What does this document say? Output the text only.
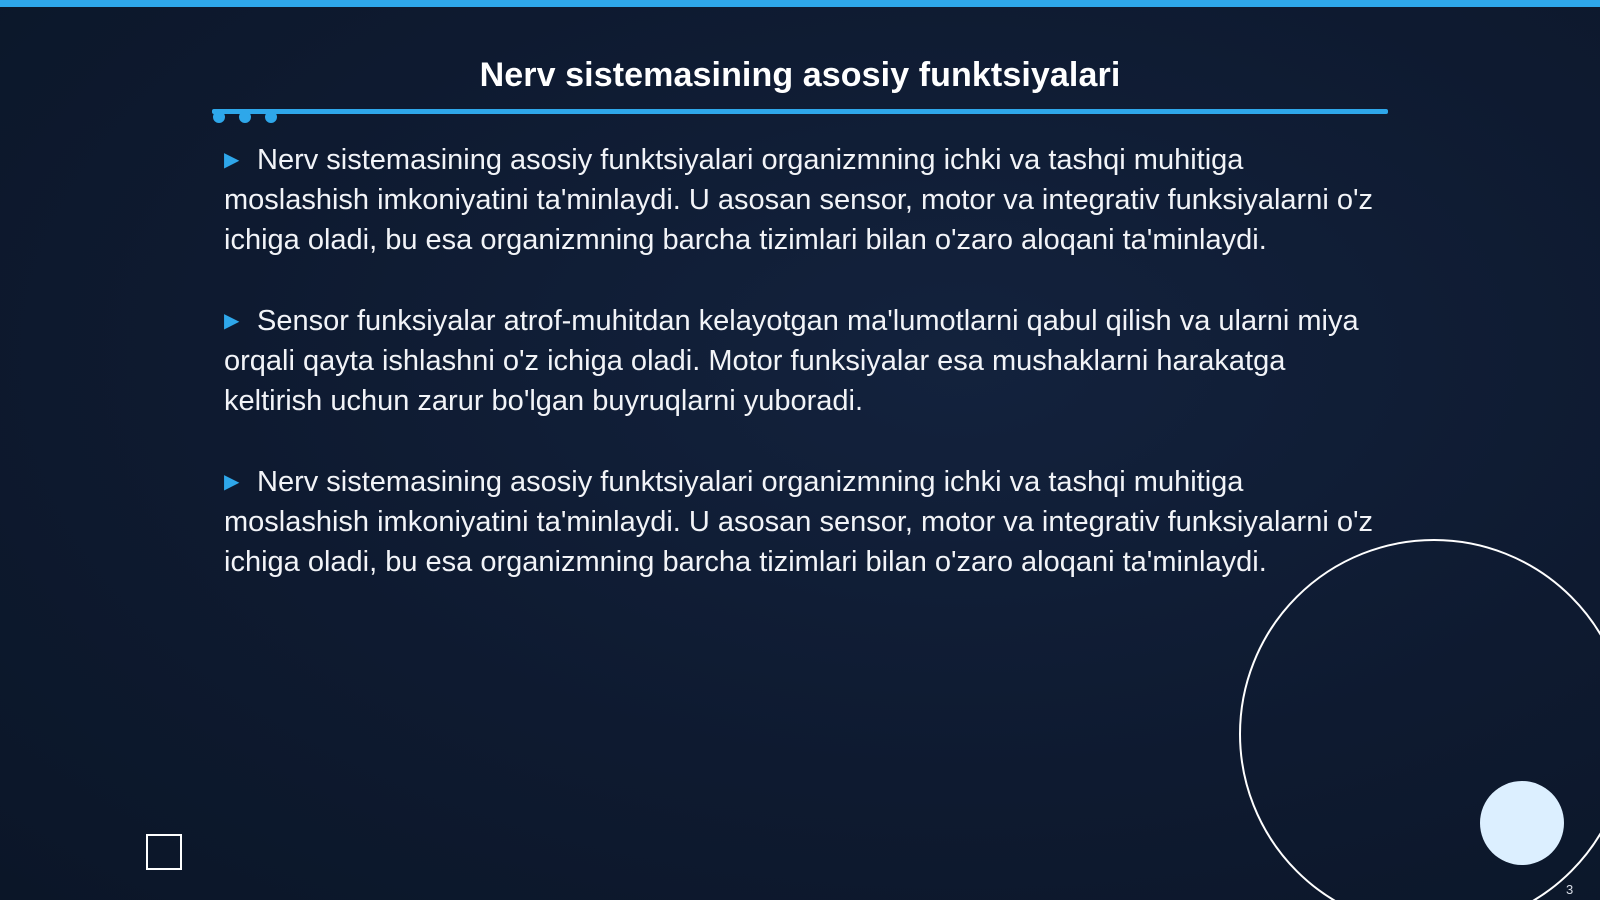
Nerv sistemasining asosiy funktsiyalari

▶ Nerv sistemasining asosiy funktsiyalari organizmning ichki va tashqi muhitiga moslashish imkoniyatini ta'minlaydi. U asosan sensor, motor va integrativ funksiyalarni o'z ichiga oladi, bu esa organizmning barcha tizimlari bilan o'zaro aloqani ta'minlaydi.

▶ Sensor funksiyalar atrof-muhitdan kelayotgan ma'lumotlarni qabul qilish va ularni miya orqali qayta ishlashni o'z ichiga oladi. Motor funksiyalar esa mushaklarni harakatga keltirish uchun zarur bo'lgan buyruqlarni yuboradi.

▶ Nerv sistemasining asosiy funktsiyalari organizmning ichki va tashqi muhitiga moslashish imkoniyatini ta'minlaydi. U asosan sensor, motor va integrativ funksiyalarni o'z ichiga oladi, bu esa organizmning barcha tizimlari bilan o'zaro aloqani ta'minlaydi.

3
